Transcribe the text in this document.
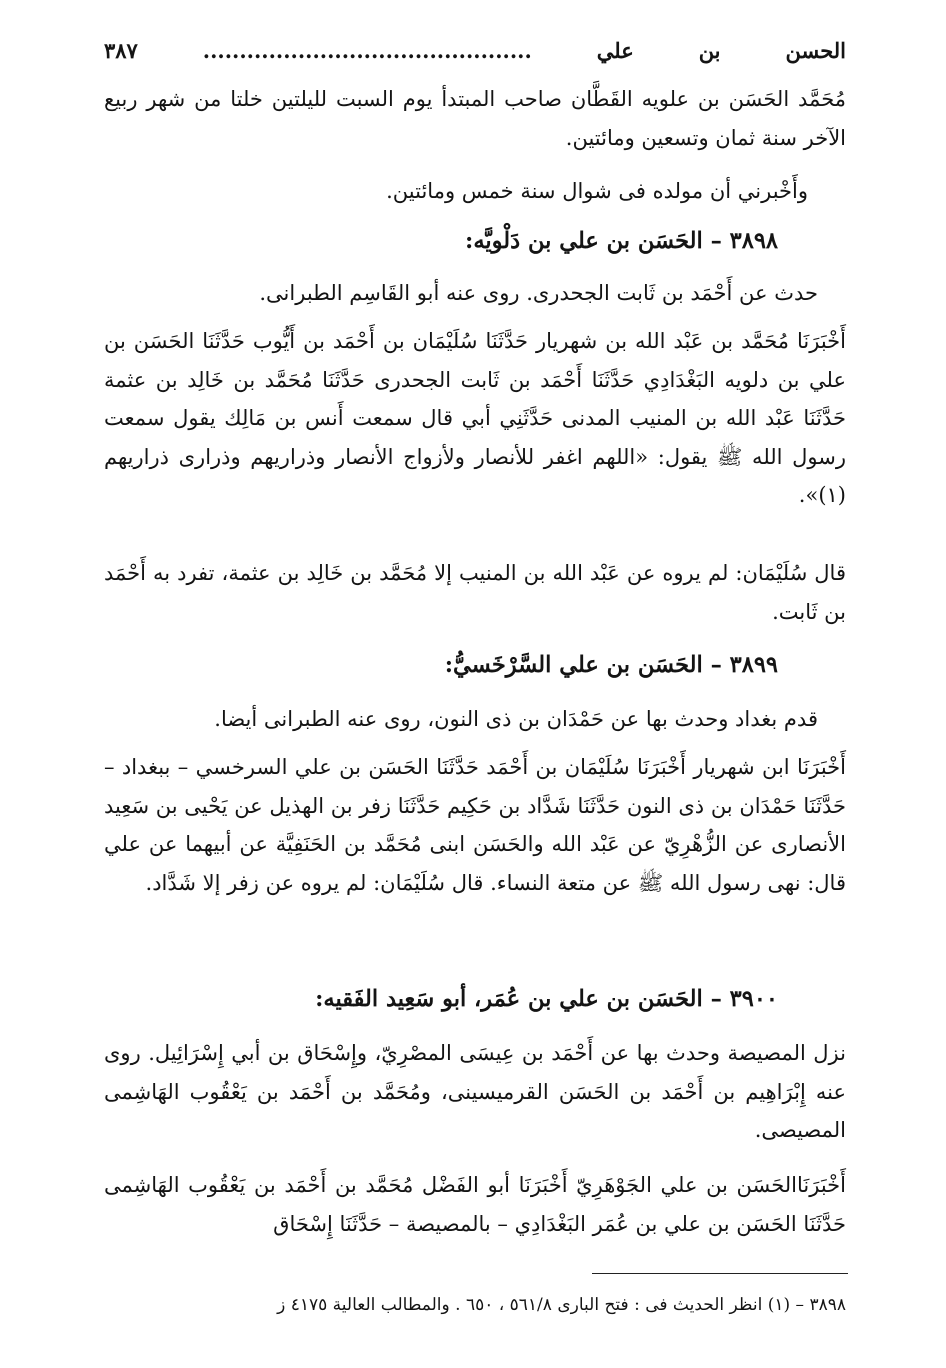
الحسن بن علي ............................................. ٣٨٧

مُحَمَّد الحَسَن بن علويه القَطَّان صاحب المبتدأ يوم السبت لليلتين خلتا من شهر ربيع الآخر سنة ثمان وتسعين ومائتين.

وأَخْبرني أن مولده فى شوال سنة خمس ومائتين.

٣٨٩٨ – الحَسَن بن علي بن دَلْويَّه:

حدث عن أَحْمَد بن ثَابت الجحدرى. روى عنه أبو القَاسِم الطبرانى.

أَخْبَرَنَا مُحَمَّد بن عَبْد الله بن شهريار حَدَّثَنَا سُلَيْمَان بن أَحْمَد بن أَيُّوب حَدَّثَنَا الحَسَن بن علي بن دلويه البَغْدَادِي حَدَّثَنَا أَحْمَد بن ثَابت الجحدرى حَدَّثَنَا مُحَمَّد بن خَالِد بن عثمة حَدَّثَنَا عَبْد الله بن المنيب المدنى حَدَّثَنِي أبي قال سمعت أَنس بن مَالِك يقول سمعت رسول الله ﷺ يقول: «اللهم اغفر للأنصار ولأزواج الأنصار وذراريهم وذرارى ذراريهم (١)».

قال سُلَيْمَان: لم يروه عن عَبْد الله بن المنيب إلا مُحَمَّد بن خَالِد بن عثمة، تفرد به أَحْمَد بن ثَابت.

٣٨٩٩ – الحَسَن بن علي السَّرْخَسيُّ:

قدم بغداد وحدث بها عن حَمْدَان بن ذى النون، روى عنه الطبرانى أيضا.

أَخْبَرَنَا ابن شهريار أَخْبَرَنَا سُلَيْمَان بن أَحْمَد حَدَّثَنَا الحَسَن بن علي السرخسي – ببغداد – حَدَّثَنَا حَمْدَان بن ذى النون حَدَّثَنَا شَدَّاد بن حَكِيم حَدَّثَنَا زفر بن الهذيل عن يَحْيى بن سَعِيد الأنصارى عن الزُّهْرِيّ عن عَبْد الله والحَسَن ابنى مُحَمَّد بن الحَنَفِيَّة عن أبيهما عن علي قال: نهى رسول الله ﷺ عن متعة النساء. قال سُلَيْمَان: لم يروه عن زفر إلا شَدَّاد.

٣٩٠٠ – الحَسَن بن علي بن عُمَر، أبو سَعِيد الفَقيه:

نزل المصيصة وحدث بها عن أَحْمَد بن عِيسَى المصْرِيّ، وإِسْحَاق بن أبي إِسْرَائِيل. روى عنه إِبْرَاهِيم بن أَحْمَد بن الحَسَن القرميسينى، ومُحَمَّد بن أَحْمَد بن يَعْقُوب الهَاشِمى المصيصى.

أَخْبَرَنَاالحَسَن بن علي الجَوْهَرِيّ أَخْبَرَنَا أبو الفَضْل مُحَمَّد بن أَحْمَد بن يَعْقُوب الهَاشِمى حَدَّثَنَا الحَسَن بن علي بن عُمَر البَغْدَادِي – بالمصيصة – حَدَّثَنَا إِسْحَاق

٣٨٩٨ – (١) انظر الحديث فى : فتح البارى ٥٦١/٨ ، ٦٥٠ . والمطالب العالية ٤١٧٥ ز
